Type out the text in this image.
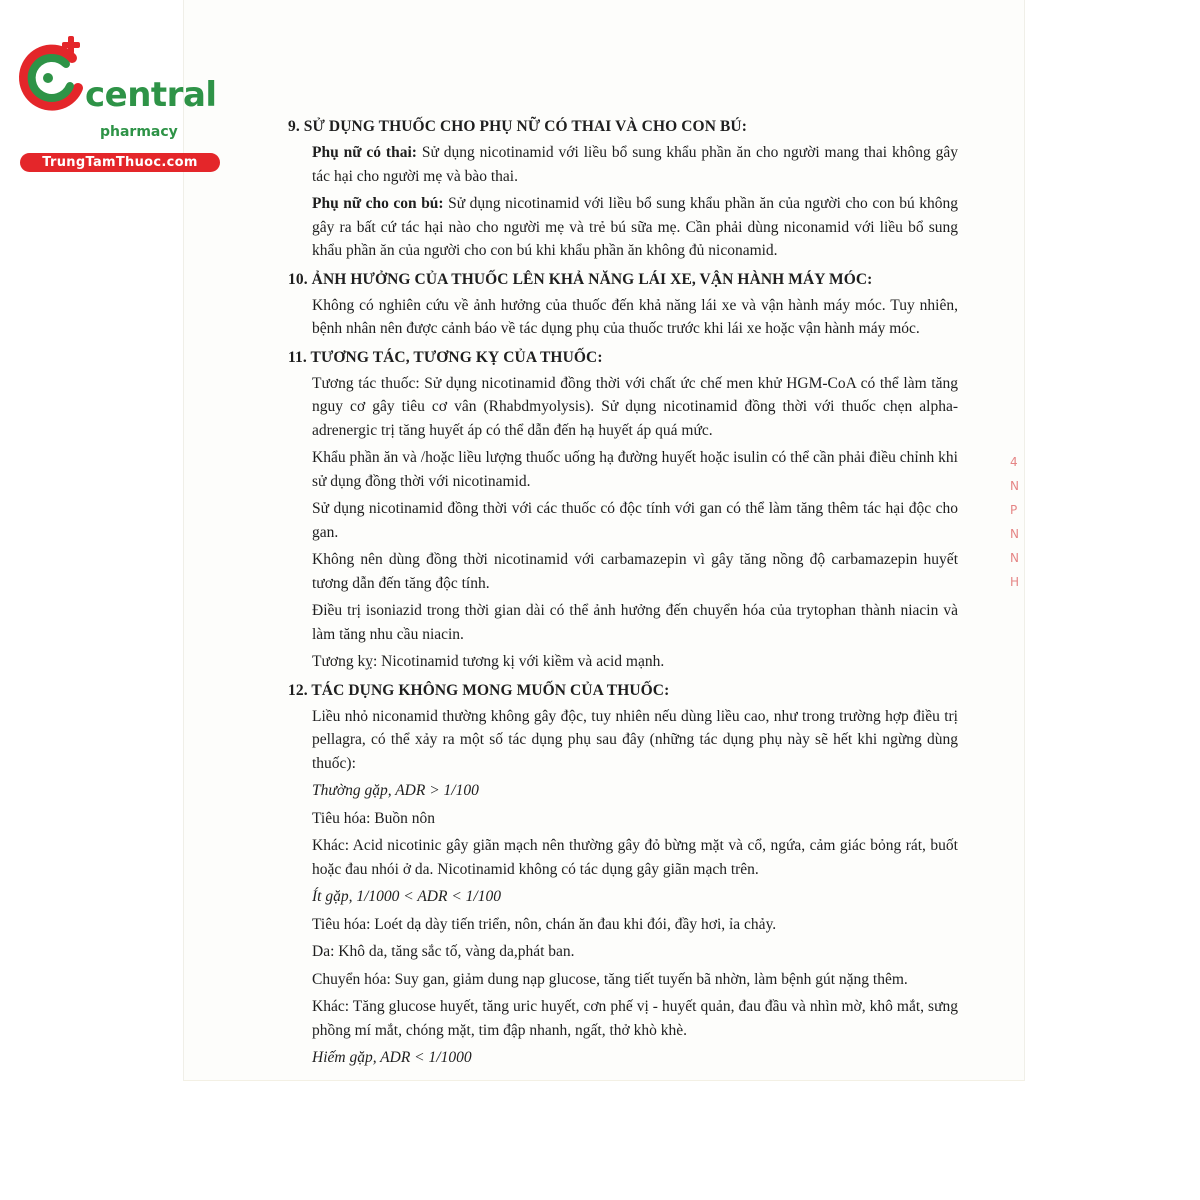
central

pharmacy
TrungTamThuoc.com
4
N
P
N
N
H
9. SỬ DỤNG THUỐC CHO PHỤ NỮ CÓ THAI VÀ CHO CON BÚ:

Phụ nữ có thai: Sử dụng nicotinamid với liều bổ sung khẩu phần ăn cho người mang thai không gây tác hại cho người mẹ và bào thai.

Phụ nữ cho con bú: Sử dụng nicotinamid với liều bổ sung khẩu phần ăn của người cho con bú không gây ra bất cứ tác hại nào cho người mẹ và trẻ bú sữa mẹ. Cần phải dùng niconamid với liều bổ sung khẩu phần ăn của người cho con bú khi khẩu phần ăn không đủ niconamid.

10. ẢNH HƯỞNG CỦA THUỐC LÊN KHẢ NĂNG LÁI XE, VẬN HÀNH MÁY MÓC:

Không có nghiên cứu về ảnh hưởng của thuốc đến khả năng lái xe và vận hành máy móc. Tuy nhiên, bệnh nhân nên được cảnh báo về tác dụng phụ của thuốc trước khi lái xe hoặc vận hành máy móc.

11. TƯƠNG TÁC, TƯƠNG KỴ CỦA THUỐC:

Tương tác thuốc: Sử dụng nicotinamid đồng thời với chất ức chế men khử HGM-CoA có thể làm tăng nguy cơ gây tiêu cơ vân (Rhabdmyolysis). Sử dụng nicotinamid đồng thời với thuốc chẹn alpha-adrenergic trị tăng huyết áp có thể dẫn đến hạ huyết áp quá mức.

Khẩu phần ăn và /hoặc liều lượng thuốc uống hạ đường huyết hoặc isulin có thể cần phải điều chỉnh khi sử dụng đồng thời với nicotinamid.

Sử dụng nicotinamid đồng thời với các thuốc có độc tính với gan có thể làm tăng thêm tác hại độc cho gan.

Không nên dùng đồng thời nicotinamid với carbamazepin vì gây tăng nồng độ carbamazepin huyết tương dẫn đến tăng độc tính.

Điều trị isoniazid trong thời gian dài có thể ảnh hưởng đến chuyển hóa của trytophan thành niacin và làm tăng nhu cầu niacin.

Tương kỵ: Nicotinamid tương kị với kiềm và acid mạnh.

12. TÁC DỤNG KHÔNG MONG MUỐN CỦA THUỐC:

Liều nhỏ niconamid thường không gây độc, tuy nhiên nếu dùng liều cao, như trong trường hợp điều trị pellagra, có thể xảy ra một số tác dụng phụ sau đây (những tác dụng phụ này sẽ hết khi ngừng dùng thuốc):

Thường gặp, ADR > 1/100

Tiêu hóa: Buồn nôn

Khác: Acid nicotinic gây giãn mạch nên thường gây đỏ bừng mặt và cổ, ngứa, cảm giác bỏng rát, buốt hoặc đau nhói ở da. Nicotinamid không có tác dụng gây giãn mạch trên.

Ít gặp, 1/1000 < ADR < 1/100

Tiêu hóa: Loét dạ dày tiến triển, nôn, chán ăn đau khi đói, đầy hơi, ỉa chảy.

Da: Khô da, tăng sắc tố, vàng da,phát ban.

Chuyển hóa: Suy gan, giảm dung nạp glucose, tăng tiết tuyến bã nhờn, làm bệnh gút nặng thêm.

Khác: Tăng glucose huyết, tăng uric huyết, cơn phế vị - huyết quản, đau đầu và nhìn mờ, khô mắt, sưng phồng mí mắt, chóng mặt, tim đập nhanh, ngất, thở khò khè.

Hiếm gặp, ADR < 1/1000
